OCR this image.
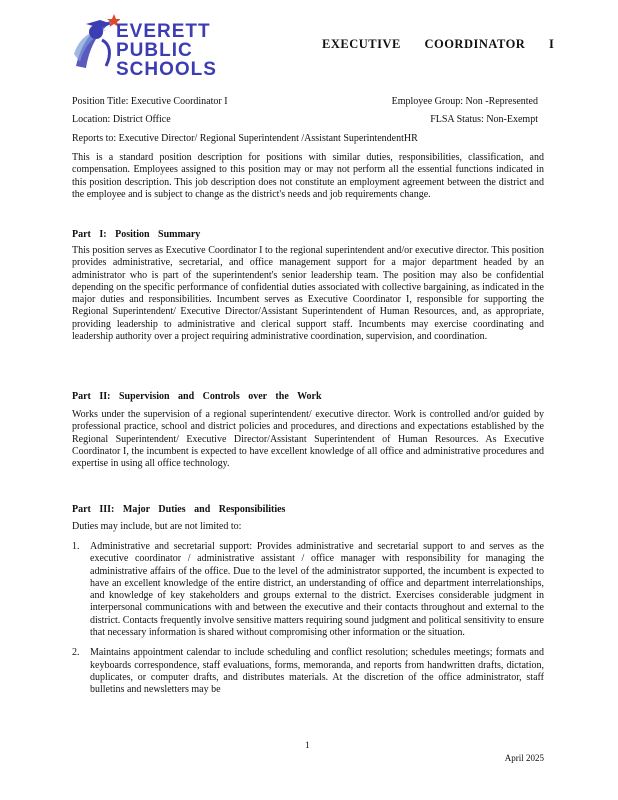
EVERETT
PUBLIC
SCHOOLS
EXECUTIVE COORDINATOR I
Position Title: Executive Coordinator I	Employee Group: Non -Represented
Location: District Office	FLSA Status: Non-Exempt
Reports to: Executive Director/ Regional Superintendent /Assistant SuperintendentHR
This is a standard position description for positions with similar duties, responsibilities, classification, and compensation. Employees assigned to this position may or may not perform all the essential functions indicated in this position description. This job description does not constitute an employment agreement between the district and the employee and is subject to change as the district's needs and job requirements change.
Part I: Position Summary
This position serves as Executive Coordinator I to the regional superintendent and/or executive director. This position provides administrative, secretarial, and office management support for a major department headed by an administrator who is part of the superintendent's senior leadership team. The position may also be confidential depending on the specific performance of confidential duties associated with collective bargaining, as indicated in the major duties and responsibilities. Incumbent serves as Executive Coordinator I, responsible for supporting the Regional Superintendent/ Executive Director/Assistant Superintendent of Human Resources, and, as appropriate, providing leadership to administrative and clerical support staff. Incumbents may exercise coordinating and leadership authority over a project requiring administrative coordination, supervision, and coordination.
Part II: Supervision and Controls over the Work
Works under the supervision of a regional superintendent/ executive director. Work is controlled and/or guided by professional practice, school and district policies and procedures, and directions and expectations established by the Regional Superintendent/ Executive Director/Assistant Superintendent of Human Resources. As Executive Coordinator I, the incumbent is expected to have excellent knowledge of all office and administrative procedures and expertise in using all office technology.
Part III: Major Duties and Responsibilities
Duties may include, but are not limited to:
1. Administrative and secretarial support: Provides administrative and secretarial support to and serves as the executive coordinator / administrative assistant / office manager with responsibility for managing the administrative affairs of the office. Due to the level of the administrator supported, the incumbent is expected to have an excellent knowledge of the entire district, an understanding of office and department interrelationships, and knowledge of key stakeholders and groups external to the district. Exercises considerable judgment in interpersonal communications with and between the executive and their contacts throughout and external to the district. Contacts frequently involve sensitive matters requiring sound judgment and political sensitivity to ensure that necessary information is shared without compromising other information or the situation.
2. Maintains appointment calendar to include scheduling and conflict resolution; schedules meetings; formats and keyboards correspondence, staff evaluations, forms, memoranda, and reports from handwritten drafts, dictation, duplicates, or computer drafts, and distributes materials. At the discretion of the office administrator, staff bulletins and newsletters may be
1
April 2025
